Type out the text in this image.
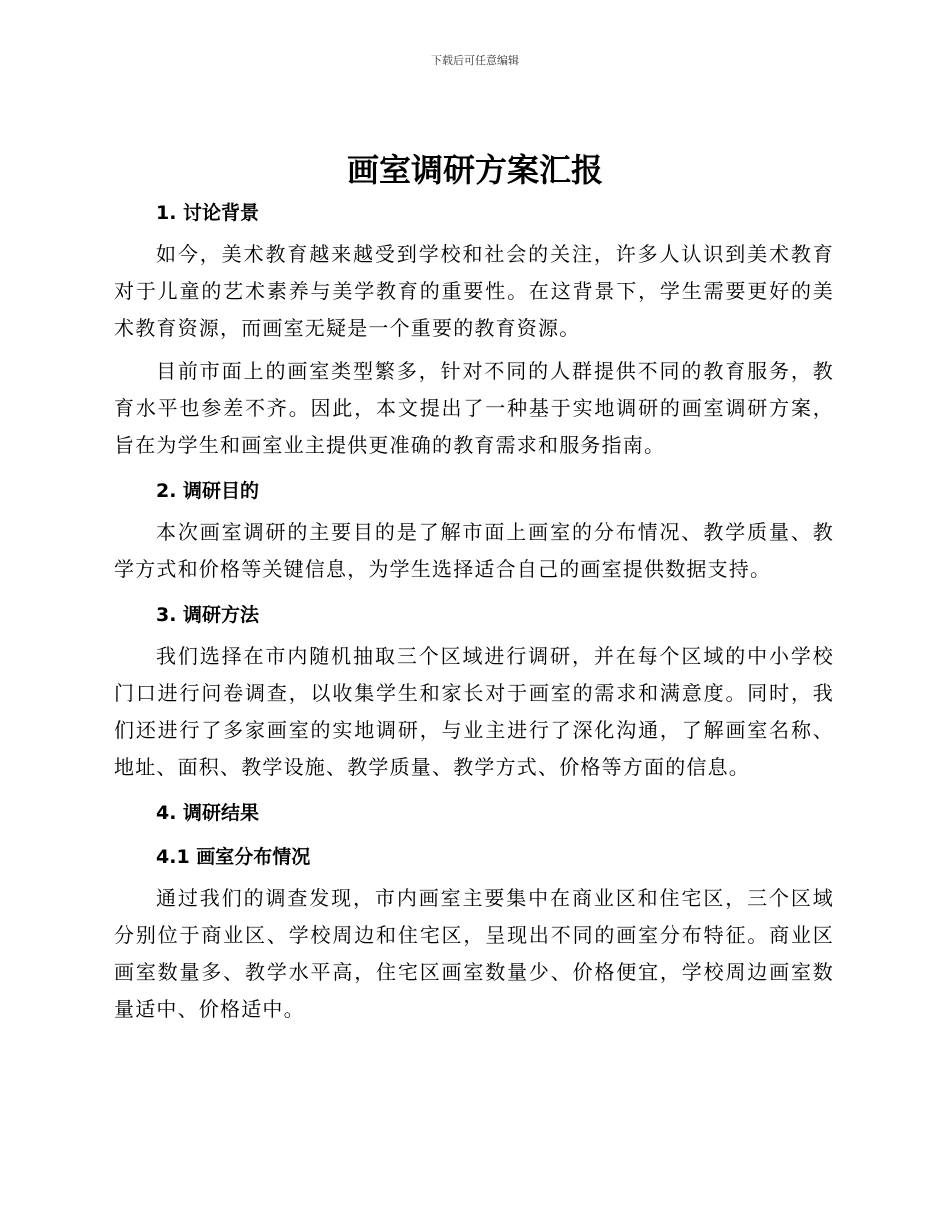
下载后可任意编辑
画室调研方案汇报
1. 讨论背景

如今，美术教育越来越受到学校和社会的关注，许多人认识到美术教育对于儿童的艺术素养与美学教育的重要性。在这背景下，学生需要更好的美术教育资源，而画室无疑是一个重要的教育资源。

目前市面上的画室类型繁多，针对不同的人群提供不同的教育服务，教育水平也参差不齐。因此，本文提出了一种基于实地调研的画室调研方案，旨在为学生和画室业主提供更准确的教育需求和服务指南。

2. 调研目的

本次画室调研的主要目的是了解市面上画室的分布情况、教学质量、教学方式和价格等关键信息，为学生选择适合自己的画室提供数据支持。

3. 调研方法

我们选择在市内随机抽取三个区域进行调研，并在每个区域的中小学校门口进行问卷调查，以收集学生和家长对于画室的需求和满意度。同时，我们还进行了多家画室的实地调研，与业主进行了深化沟通，了解画室名称、地址、面积、教学设施、教学质量、教学方式、价格等方面的信息。

4. 调研结果
4.1 画室分布情况

通过我们的调查发现，市内画室主要集中在商业区和住宅区，三个区域分别位于商业区、学校周边和住宅区，呈现出不同的画室分布特征。商业区画室数量多、教学水平高，住宅区画室数量少、价格便宜，学校周边画室数量适中、价格适中。
